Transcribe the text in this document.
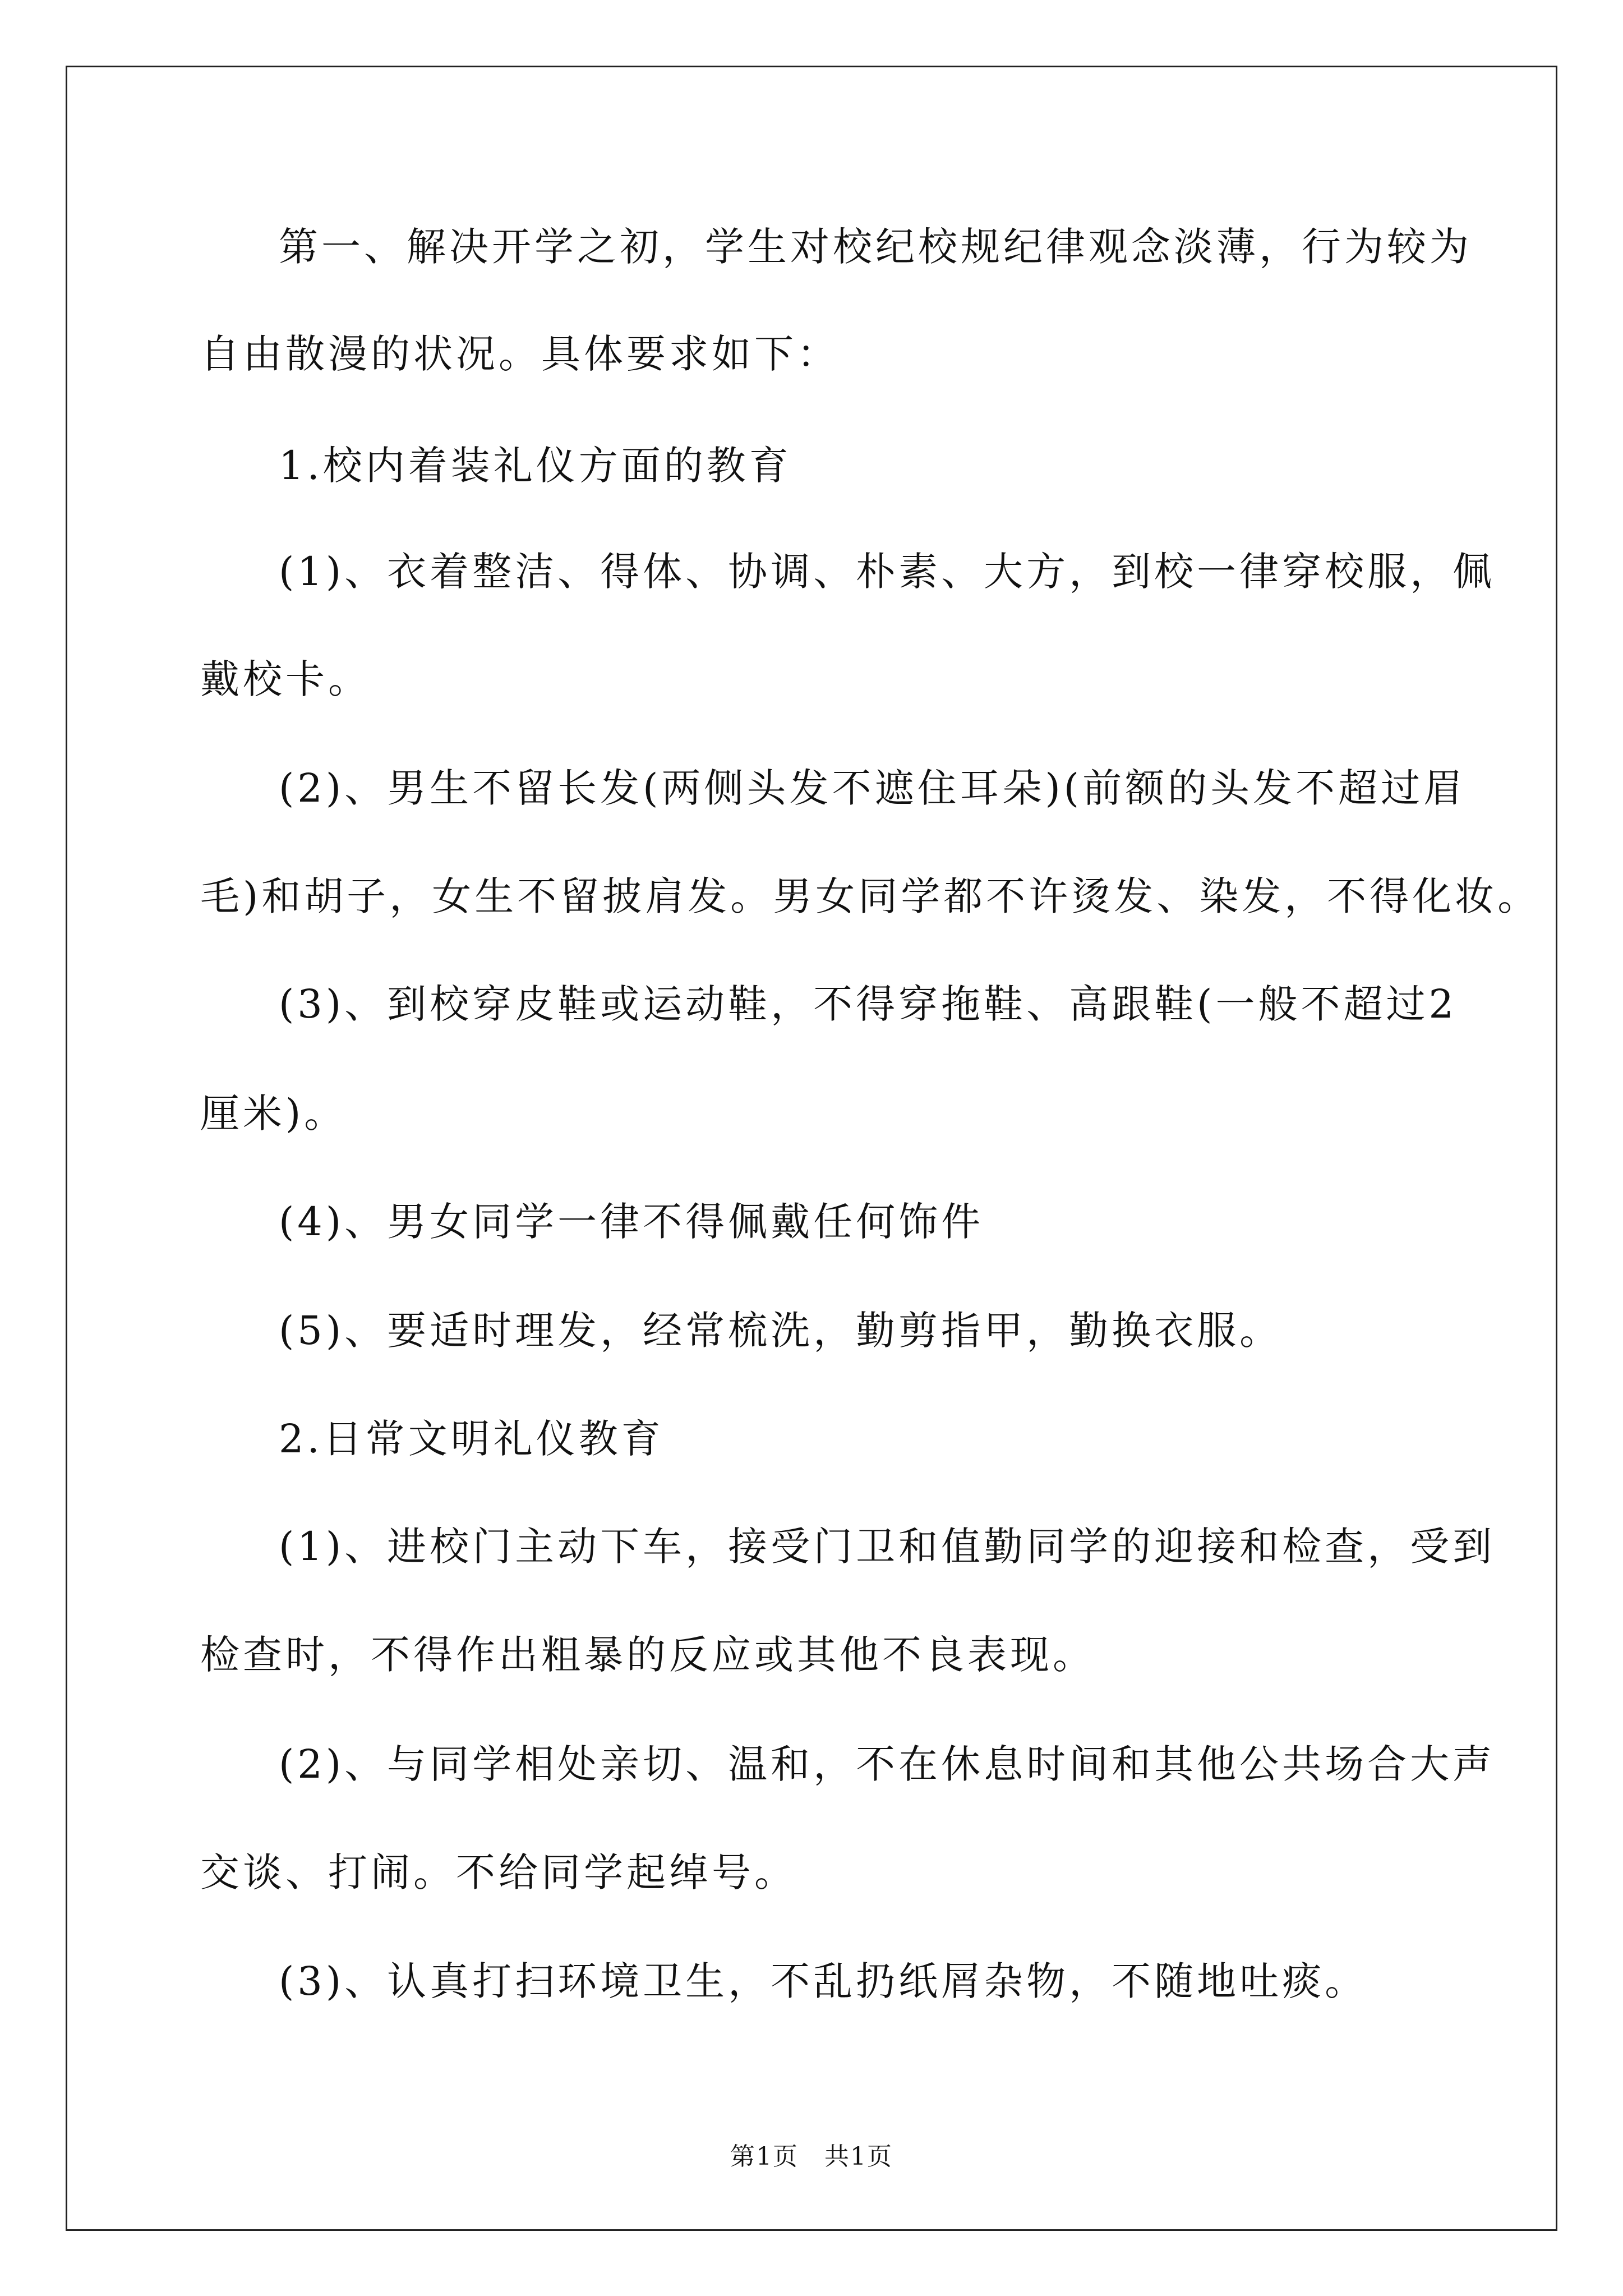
第一、解决开学之初，学生对校纪校规纪律观念淡薄，行为较为
自由散漫的状况。具体要求如下：
1.校内着装礼仪方面的教育
(1)、衣着整洁、得体、协调、朴素、大方，到校一律穿校服，佩
戴校卡。
(2)、男生不留长发(两侧头发不遮住耳朵)(前额的头发不超过眉
毛)和胡子，女生不留披肩发。男女同学都不许烫发、染发，不得化妆。
(3)、到校穿皮鞋或运动鞋，不得穿拖鞋、高跟鞋(一般不超过2
厘米)。
(4)、男女同学一律不得佩戴任何饰件
(5)、要适时理发，经常梳洗，勤剪指甲，勤换衣服。
2.日常文明礼仪教育
(1)、进校门主动下车，接受门卫和值勤同学的迎接和检查，受到
检查时，不得作出粗暴的反应或其他不良表现。
(2)、与同学相处亲切、温和，不在休息时间和其他公共场合大声
交谈、打闹。不给同学起绰号。
(3)、认真打扫环境卫生，不乱扔纸屑杂物，不随地吐痰。
第1页　共1页
